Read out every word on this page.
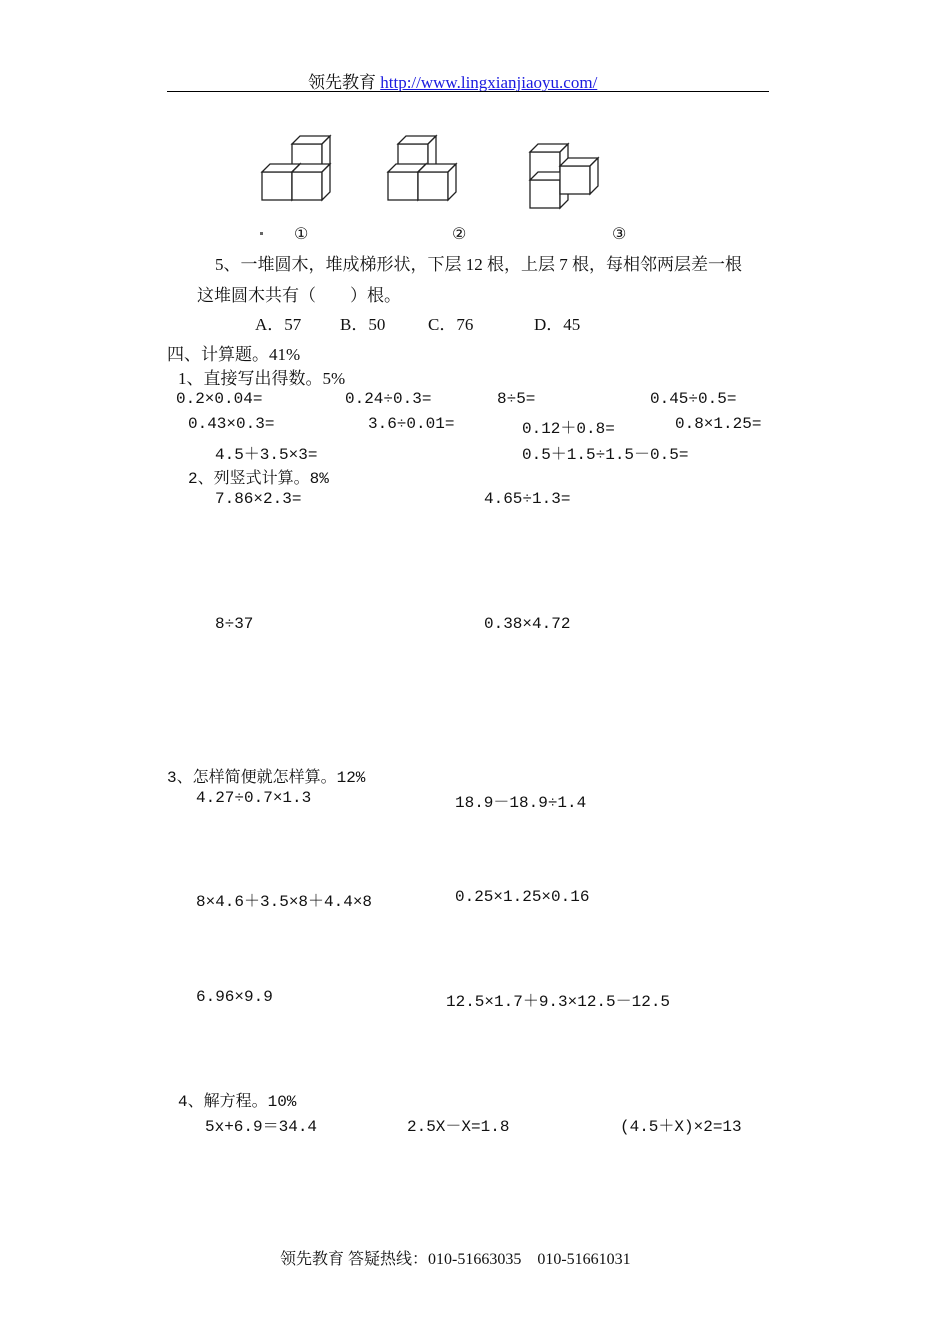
领先教育 http://www.lingxianjiaoyu.com/
①	②	③
5、一堆圆木，堆成梯形状，下层 12 根，上层 7 根，每相邻两层差一根
这堆圆木共有（　　）根。
A．57 B．50	C．76	D．45
四、计算题。41%
1、直接写出得数。5%
0.2×0.04=	0.24÷0.3=	8÷5=	0.45÷0.5=
0.43×0.3=	3.6÷0.01=	0.12＋0.8=	0.8×1.25=
4.5＋3.5×3=	0.5＋1.5÷1.5－0.5=
2、列竖式计算。8%
7.86×2.3=	4.65÷1.3=
8÷37	0.38×4.72
3、怎样简便就怎样算。12%
4.27÷0.7×1.3	18.9－18.9÷1.4
8×4.6＋3.5×8＋4.4×8	0.25×1.25×0.16
6.96×9.9	12.5×1.7＋9.3×12.5－12.5
4、解方程。10%
5x+6.9＝34.4	2.5X－X=1.8	(4.5＋X)×2=13
领先教育 答疑热线：010-51663035　010-51661031
